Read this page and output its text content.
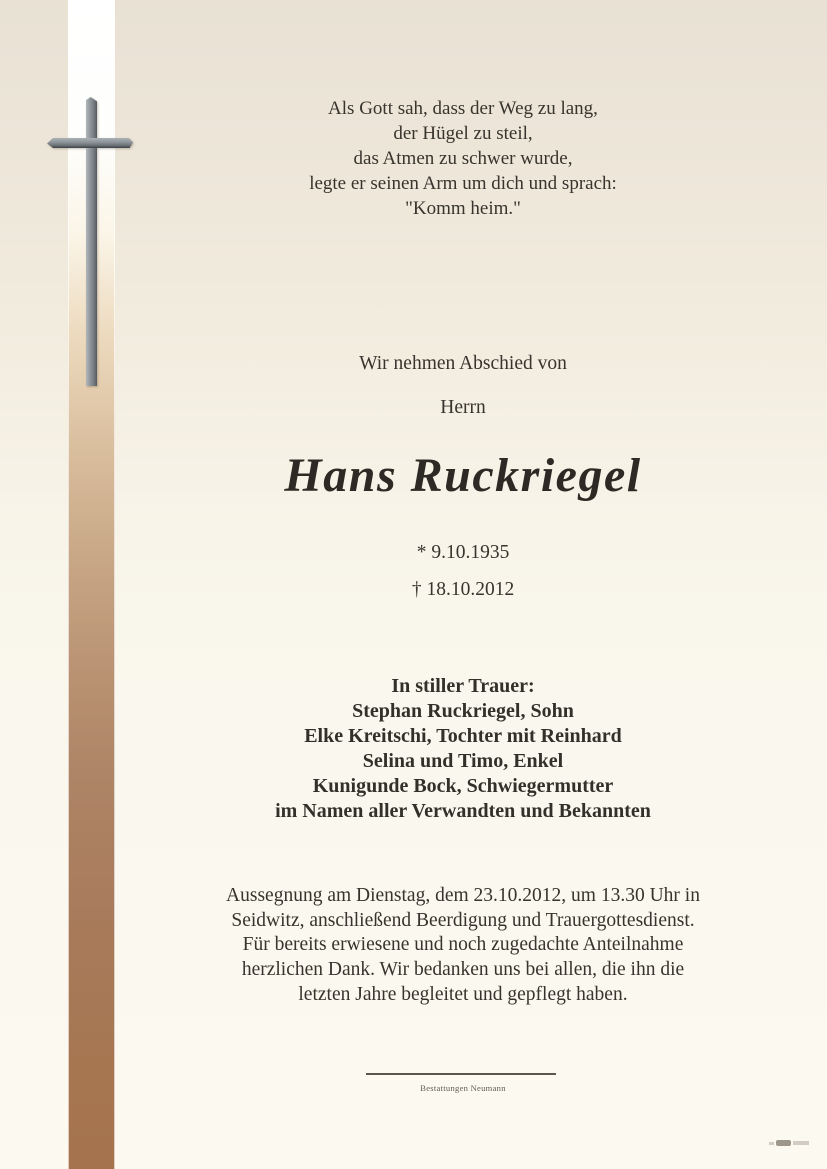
Als Gott sah, dass der Weg zu lang,
der Hügel zu steil,
das Atmen zu schwer wurde,
legte er seinen Arm um dich und sprach:
"Komm heim."
Wir nehmen Abschied von
Herrn
Hans Ruckriegel
* 9.10.1935
† 18.10.2012
In stiller Trauer:
Stephan Ruckriegel, Sohn
Elke Kreitschi, Tochter mit Reinhard
Selina und Timo, Enkel
Kunigunde Bock, Schwiegermutter
im Namen aller Verwandten und Bekannten
Aussegnung am Dienstag, dem 23.10.2012, um 13.30 Uhr in
Seidwitz, anschließend Beerdigung und Trauergottesdienst.
Für bereits erwiesene und noch zugedachte Anteilnahme
herzlichen Dank. Wir bedanken uns bei allen, die ihn die
letzten Jahre begleitet und gepflegt haben.
Bestattungen Neumann
